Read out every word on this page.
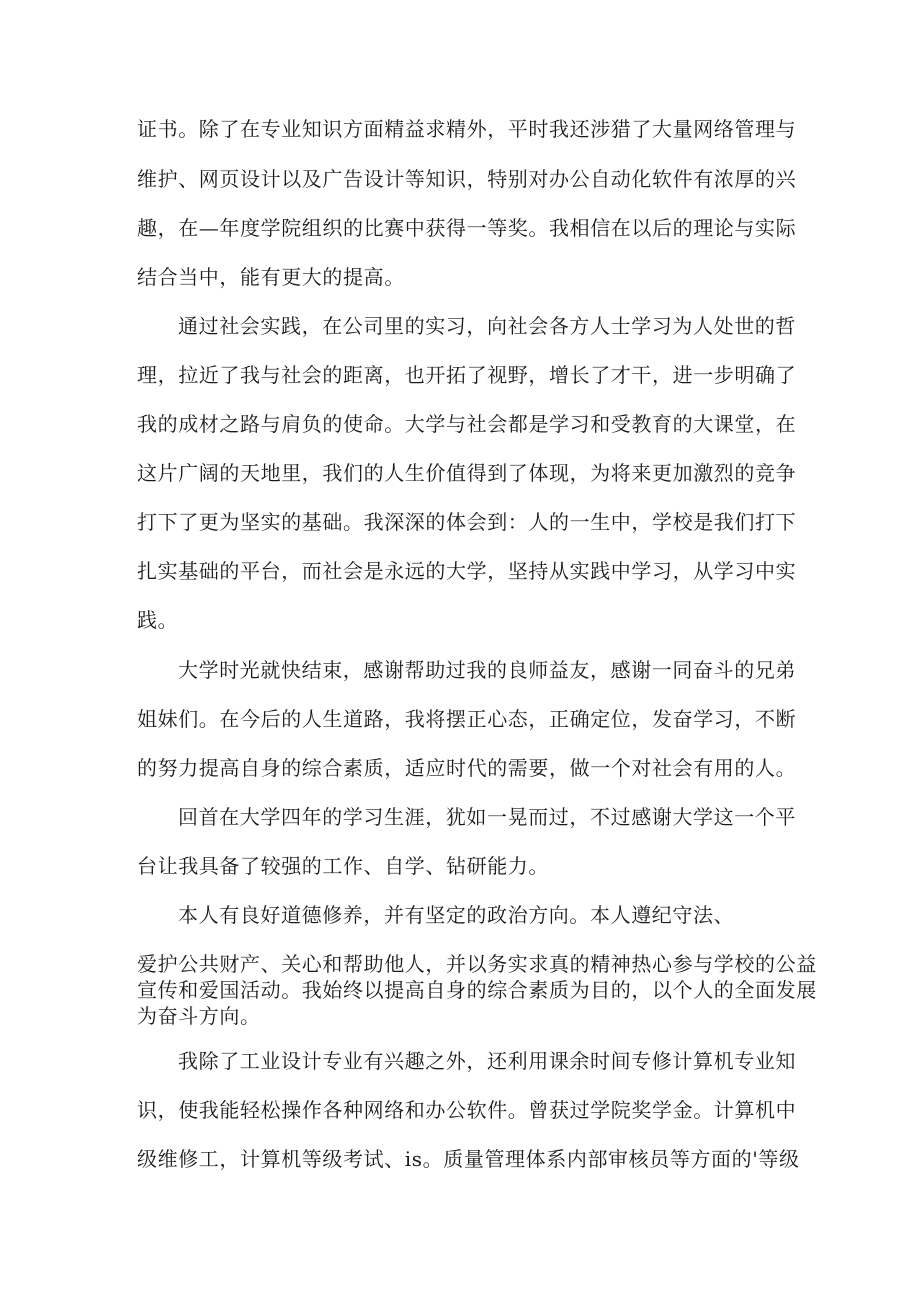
证书。除了在专业知识方面精益求精外，平时我还涉猎了大量网络管理与
维护、网页设计以及广告设计等知识，特别对办公自动化软件有浓厚的兴
趣，在—年度学院组织的比赛中获得一等奖。我相信在以后的理论与实际
结合当中，能有更大的提高。
通过社会实践，在公司里的实习，向社会各方人士学习为人处世的哲
理，拉近了我与社会的距离，也开拓了视野，增长了才干，进一步明确了
我的成材之路与肩负的使命。大学与社会都是学习和受教育的大课堂，在
这片广阔的天地里，我们的人生价值得到了体现，为将来更加激烈的竞争
打下了更为坚实的基础。我深深的体会到：人的一生中，学校是我们打下
扎实基础的平台，而社会是永远的大学，坚持从实践中学习，从学习中实
践。
大学时光就快结束，感谢帮助过我的良师益友，感谢一同奋斗的兄弟
姐妹们。在今后的人生道路，我将摆正心态，正确定位，发奋学习，不断
的努力提高自身的综合素质，适应时代的需要，做一个对社会有用的人。
回首在大学四年的学习生涯，犹如一晃而过，不过感谢大学这一个平
台让我具备了较强的工作、自学、钻研能力。
本人有良好道德修养，并有坚定的政治方向。本人遵纪守法、
爱护公共财产、关心和帮助他人，并以务实求真的精神热心参与学校的公益
宣传和爱国活动。我始终以提高自身的综合素质为目的，以个人的全面发展
为奋斗方向。
我除了工业设计专业有兴趣之外，还利用课余时间专修计算机专业知
识，使我能轻松操作各种网络和办公软件。曾获过学院奖学金。计算机中
级维修工，计算机等级考试、is。质量管理体系内部审核员等方面的'等级
